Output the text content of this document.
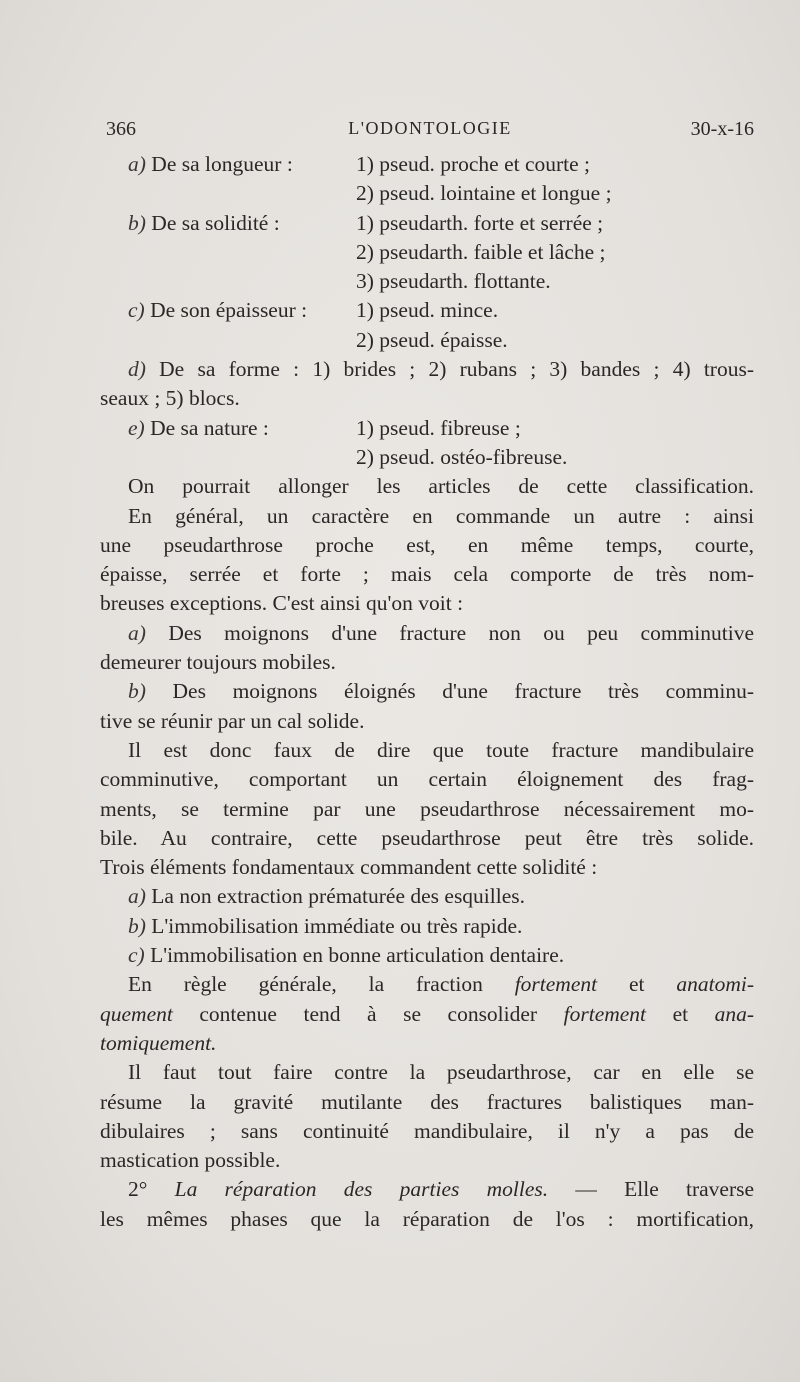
366	L'ODONTOLOGIE	30-x-16
a) De sa longueur :	1) pseud. proche et courte ;
2) pseud. lointaine et longue ;
b) De sa solidité :	1) pseudarth. forte et serrée ;
2) pseudarth. faible et lâche ;
3) pseudarth. flottante.
c) De son épaisseur :	1) pseud. mince.
2) pseud. épaisse.
d) De sa forme : 1) brides ; 2) rubans ; 3) bandes ; 4) trous-
seaux ; 5) blocs.
e) De sa nature :	1) pseud. fibreuse ;
2) pseud. ostéo-fibreuse.
On pourrait allonger les articles de cette classification.
En général, un caractère en commande un autre : ainsi
une pseudarthrose proche est, en même temps, courte,
épaisse, serrée et forte ; mais cela comporte de très nom-
breuses exceptions. C'est ainsi qu'on voit :
a) Des moignons d'une fracture non ou peu comminutive
demeurer toujours mobiles.
b) Des moignons éloignés d'une fracture très comminu-
tive se réunir par un cal solide.
Il est donc faux de dire que toute fracture mandibulaire
comminutive, comportant un certain éloignement des frag-
ments, se termine par une pseudarthrose nécessairement mo-
bile. Au contraire, cette pseudarthrose peut être très solide.
Trois éléments fondamentaux commandent cette solidité :
a) La non extraction prématurée des esquilles.
b) L'immobilisation immédiate ou très rapide.
c) L'immobilisation en bonne articulation dentaire.
En règle générale, la fraction fortement et anatomi-
quement contenue tend à se consolider fortement et ana-
tomiquement.
Il faut tout faire contre la pseudarthrose, car en elle se
résume la gravité mutilante des fractures balistiques man-
dibulaires ; sans continuité mandibulaire, il n'y a pas de
mastication possible.
2° La réparation des parties molles. — Elle traverse
les mêmes phases que la réparation de l'os : mortification,
